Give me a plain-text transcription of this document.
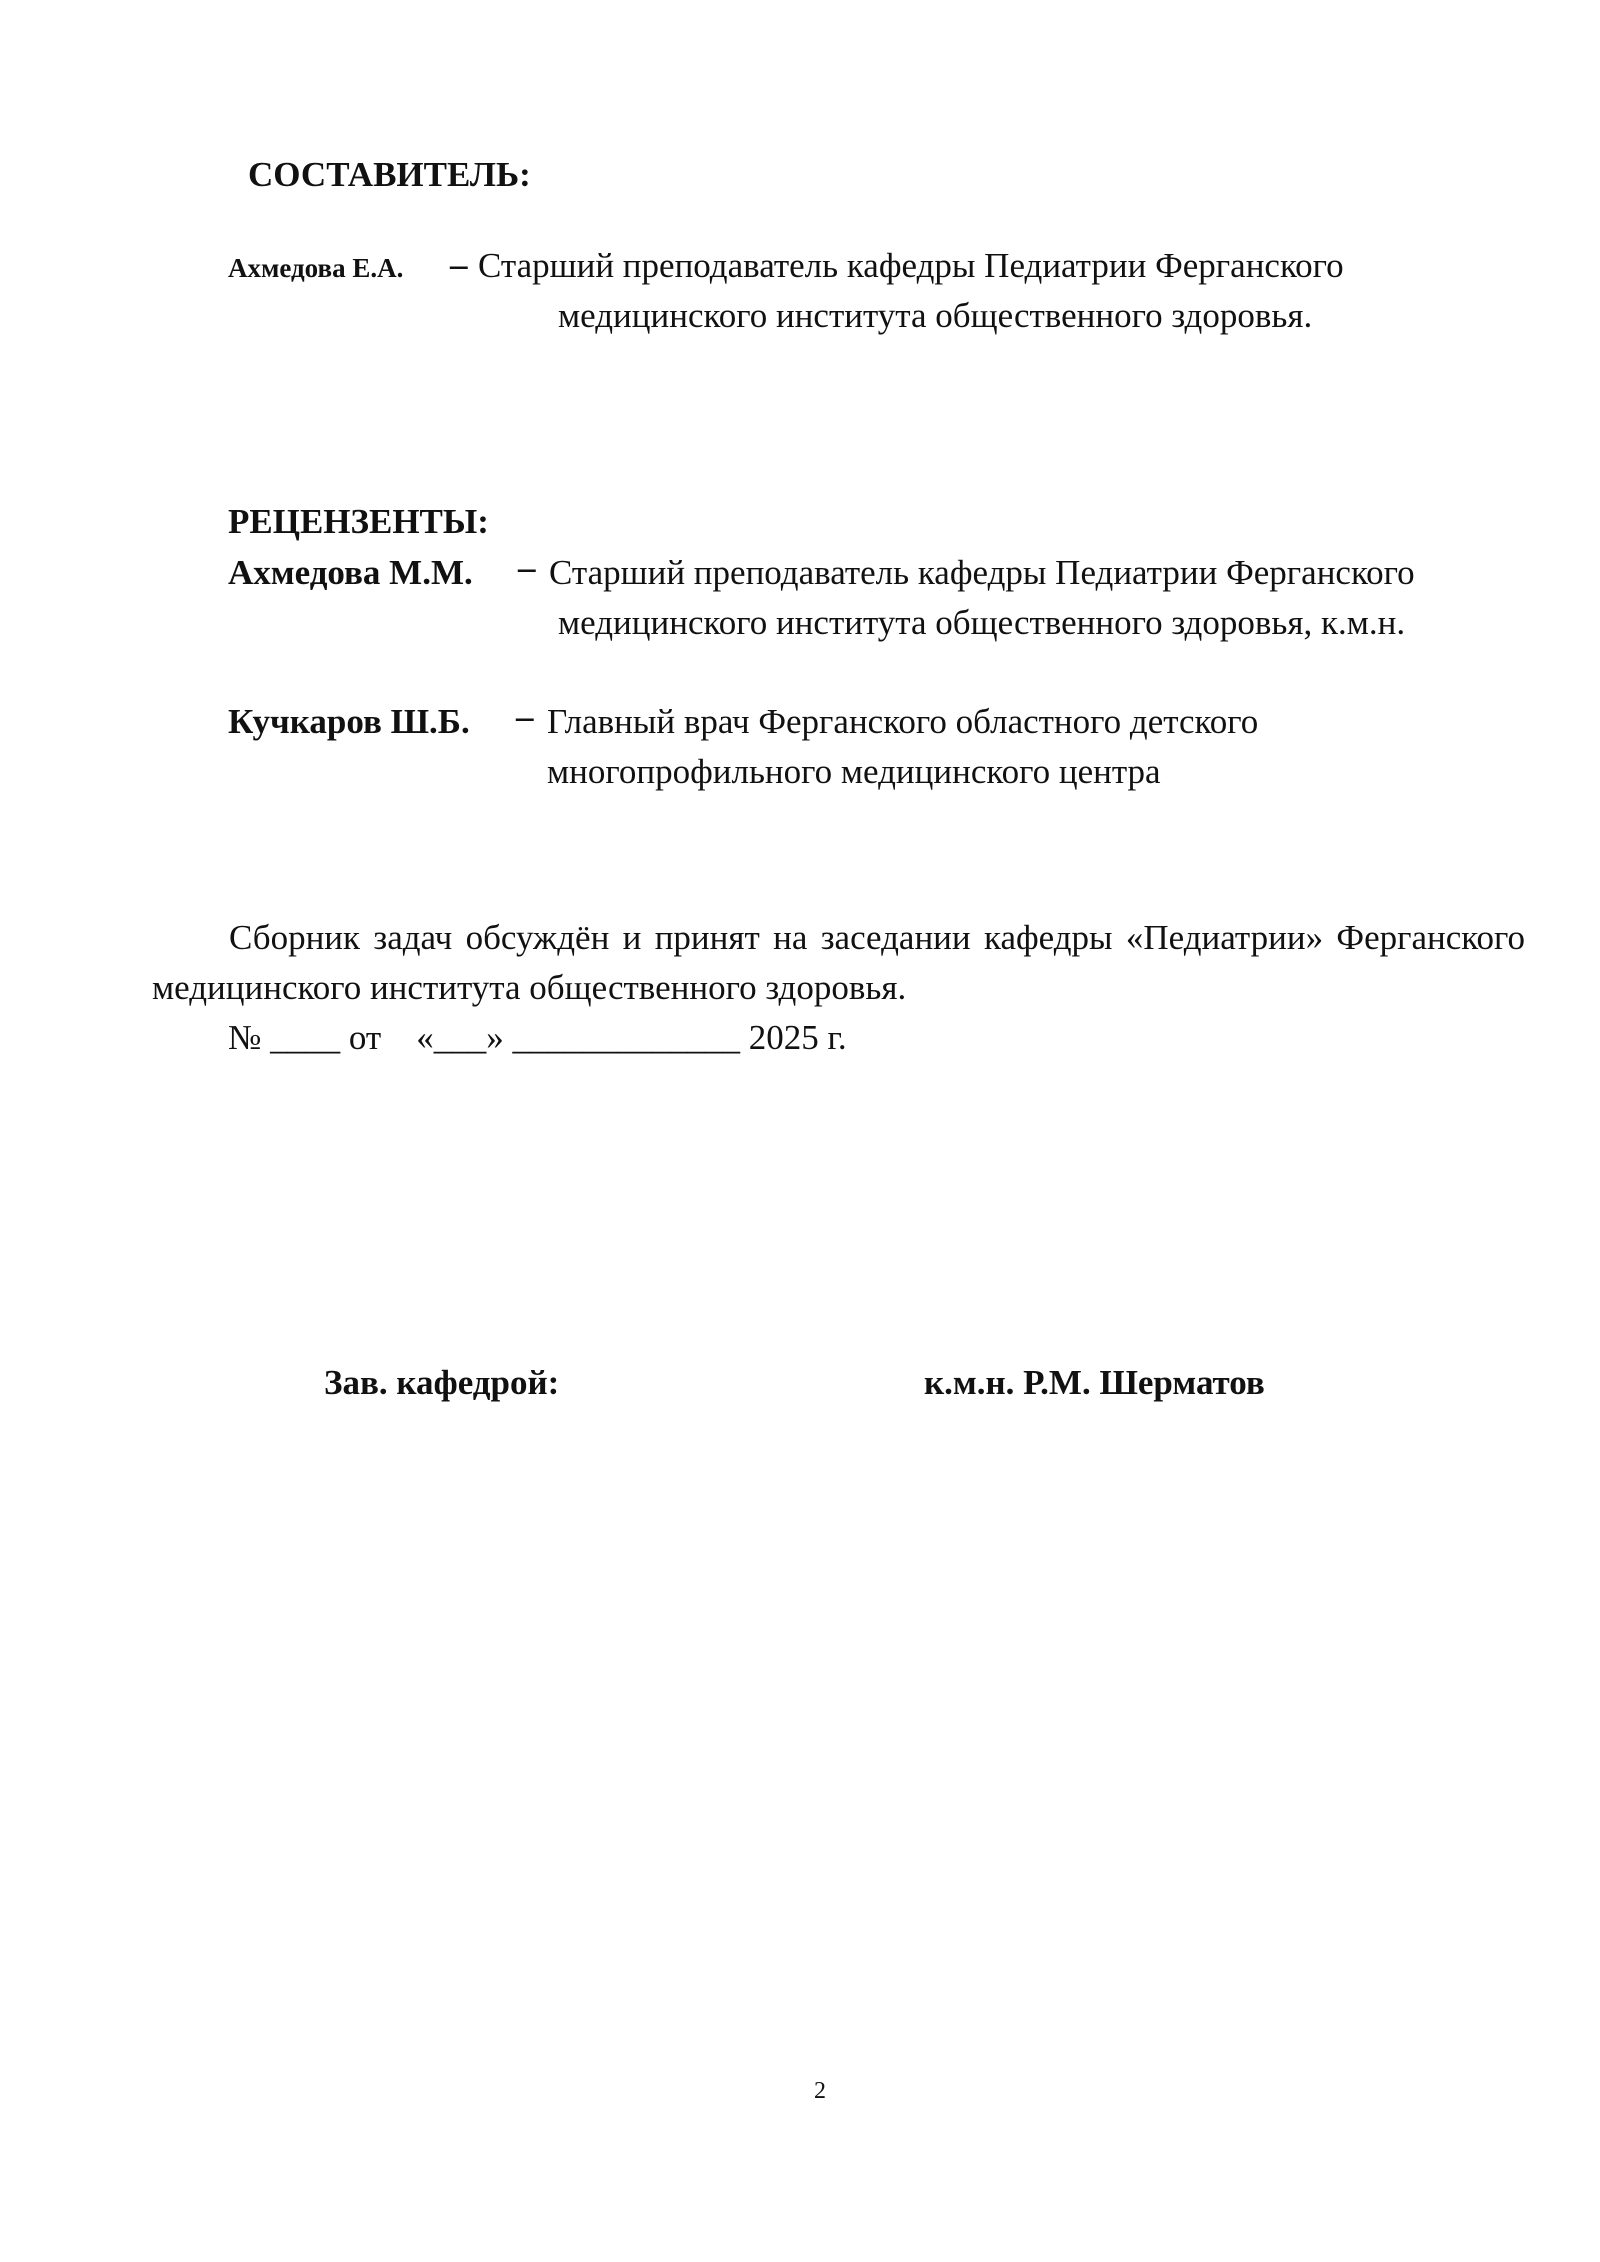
СОСТАВИТЕЛЬ:
Ахмедова Е.А. – Старший преподаватель кафедры Педиатрии Ферганского
медицинского института общественного здоровья.
РЕЦЕНЗЕНТЫ:
Ахмедова М.М. – Старший преподаватель кафедры Педиатрии Ферганского
медицинского института общественного здоровья, к.м.н.
Кучкаров Ш.Б. – Главный врач Ферганского областного детского
многопрофильного медицинского центра
Сборник задач обсуждён и принят на заседании кафедры «Педиатрии» Ферганского медицинского института общественного здоровья.
№ ____ от    «___» _____________ 2025 г.
Зав. кафедрой:	к.м.н. Р.М. Шерматов
2
